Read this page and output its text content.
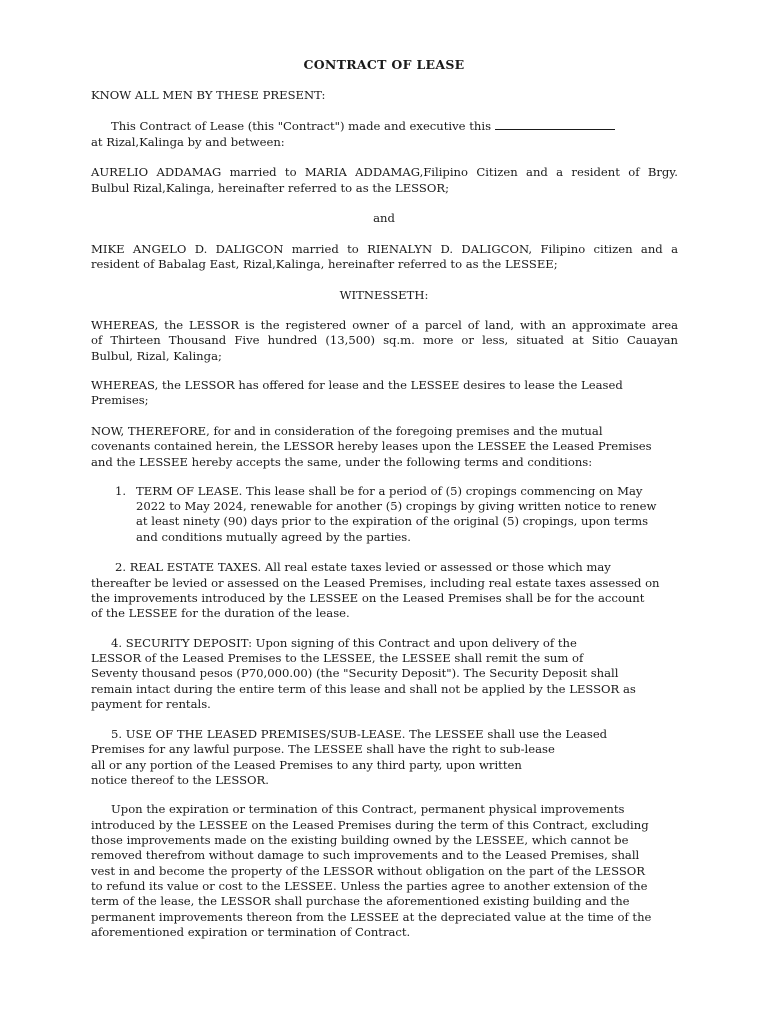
CONTRACT OF LEASE
KNOW ALL MEN BY THESE PRESENT:
This Contract of Lease (this "Contract") made and executive this
at Rizal,Kalinga by and between:
AURELIO ADDAMAG married to MARIA ADDAMAG,Filipino Citizen and a resident of Brgy.
Bulbul Rizal,Kalinga, hereinafter referred to as the LESSOR;
and
MIKE ANGELO D. DALIGCON married to RIENALYN D. DALIGCON, Filipino citizen and a
resident of Babalag East, Rizal,Kalinga, hereinafter referred to as the LESSEE;
WITNESSETH:
WHEREAS, the LESSOR is the registered owner of a parcel of land, with an approximate area
of Thirteen Thousand Five hundred (13,500) sq.m. more or less, situated at Sitio Cauayan
Bulbul, Rizal, Kalinga;
WHEREAS, the LESSOR has offered for lease and the LESSEE desires to lease the Leased
Premises;
NOW, THEREFORE, for and in consideration of the foregoing premises and the mutual
covenants contained herein, the LESSOR hereby leases upon the LESSEE the Leased Premises
and the LESSEE hereby accepts the same, under the following terms and conditions:
1. TERM OF LEASE. This lease shall be for a period of (5) cropings commencing on May
2022 to May 2024, renewable for another (5) cropings by giving written notice to renew
at least ninety (90) days prior to the expiration of the original (5) cropings, upon terms
and conditions mutually agreed by the parties.
2. REAL ESTATE TAXES. All real estate taxes levied or assessed or those which may
thereafter be levied or assessed on the Leased Premises, including real estate taxes assessed on
the improvements introduced by the LESSEE on the Leased Premises shall be for the account
of the LESSEE for the duration of the lease.
4. SECURITY DEPOSIT: Upon signing of this Contract and upon delivery of the
LESSOR of the Leased Premises to the LESSEE, the LESSEE shall remit the sum of
Seventy thousand pesos (P70,000.00) (the "Security Deposit"). The Security Deposit shall
remain intact during the entire term of this lease and shall not be applied by the LESSOR as
payment for rentals.
5. USE OF THE LEASED PREMISES/SUB-LEASE. The LESSEE shall use the Leased
Premises for any lawful purpose. The LESSEE shall have the right to sub-lease
all or any portion of the Leased Premises to any third party, upon written
notice thereof to the LESSOR.
Upon the expiration or termination of this Contract, permanent physical improvements
introduced by the LESSEE on the Leased Premises during the term of this Contract, excluding
those improvements made on the existing building owned by the LESSEE, which cannot be
removed therefrom without damage to such improvements and to the Leased Premises, shall
vest in and become the property of the LESSOR without obligation on the part of the LESSOR
to refund its value or cost to the LESSEE. Unless the parties agree to another extension of the
term of the lease, the LESSOR shall purchase the aforementioned existing building and the
permanent improvements thereon from the LESSEE at the depreciated value at the time of the
aforementioned expiration or termination of Contract.
